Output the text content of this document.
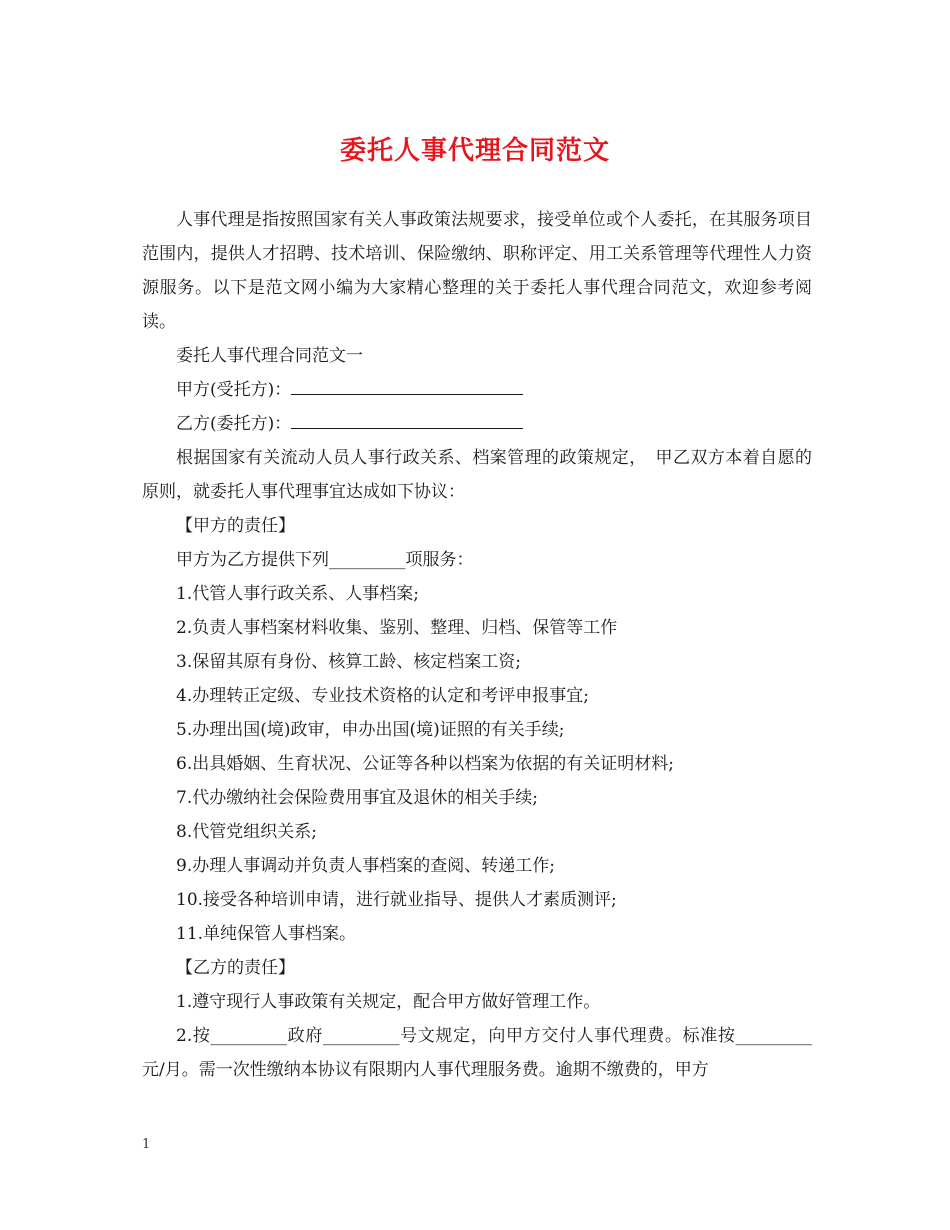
委托人事代理合同范文

人事代理是指按照国家有关人事政策法规要求，接受单位或个人委托，在其服务项目范围内，提供人才招聘、技术培训、保险缴纳、职称评定、用工关系管理等代理性人力资源服务。以下是范文网小编为大家精心整理的关于委托人事代理合同范文，欢迎参考阅读。

委托人事代理合同范文一

甲方(受托方)：

乙方(委托方)：

根据国家有关流动人员人事行政关系、档案管理的政策规定，　甲乙双方本着自愿的原则，就委托人事代理事宜达成如下协议：

【甲方的责任】

甲方为乙方提供下列_________项服务：

1.代管人事行政关系、人事档案;

2.负责人事档案材料收集、鉴别、整理、归档、保管等工作

3.保留其原有身份、核算工龄、核定档案工资;

4.办理转正定级、专业技术资格的认定和考评申报事宜;

5.办理出国(境)政审，申办出国(境)证照的有关手续;

6.出具婚姻、生育状况、公证等各种以档案为依据的有关证明材料;

7.代办缴纳社会保险费用事宜及退休的相关手续;

8.代管党组织关系;

9.办理人事调动并负责人事档案的查阅、转递工作;

10.接受各种培训申请，进行就业指导、提供人才素质测评;

11.单纯保管人事档案。

【乙方的责任】

1.遵守现行人事政策有关规定，配合甲方做好管理工作。

2.按_________政府_________号文规定，向甲方交付人事代理费。标准按_________元/月。需一次性缴纳本协议有限期内人事代理服务费。逾期不缴费的，甲方

1
